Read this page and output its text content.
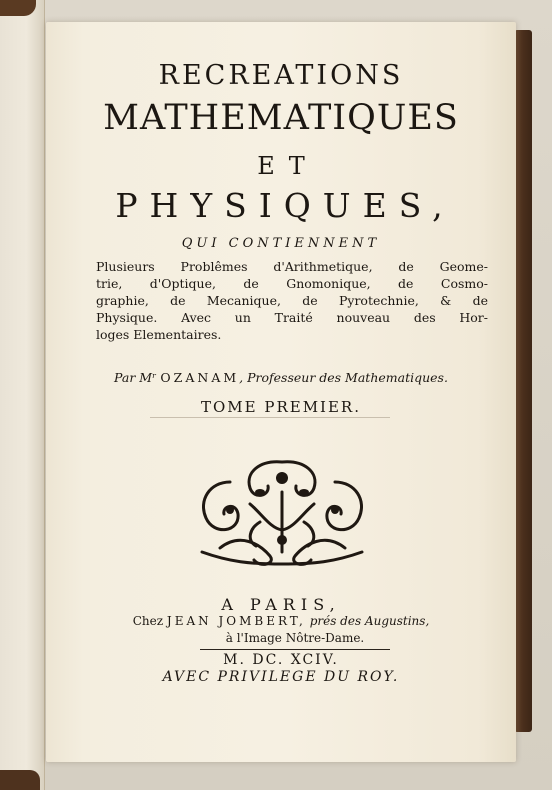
RECREATIONS
MATHEMATIQUES
ET
PHYSIQUES,
QUI CONTIENNENT
Plusieurs Problêmes d'Arithmetique, de Geome-
trie, d'Optique, de Gnomonique, de Cosmo-
graphie, de Mecanique, de Pyrotechnie, & de
Physique. Avec un Traité nouveau des Hor-
loges Elementaires.
Par Mʳ OZANAM, Professeur des Mathematiques.
TOME PREMIER.
A PARIS,
Chez JEAN JOMBERT, prés des Augustins,
à l'Image Nôtre-Dame.
M. DC. XCIV.
AVEC PRIVILEGE DU ROY.
